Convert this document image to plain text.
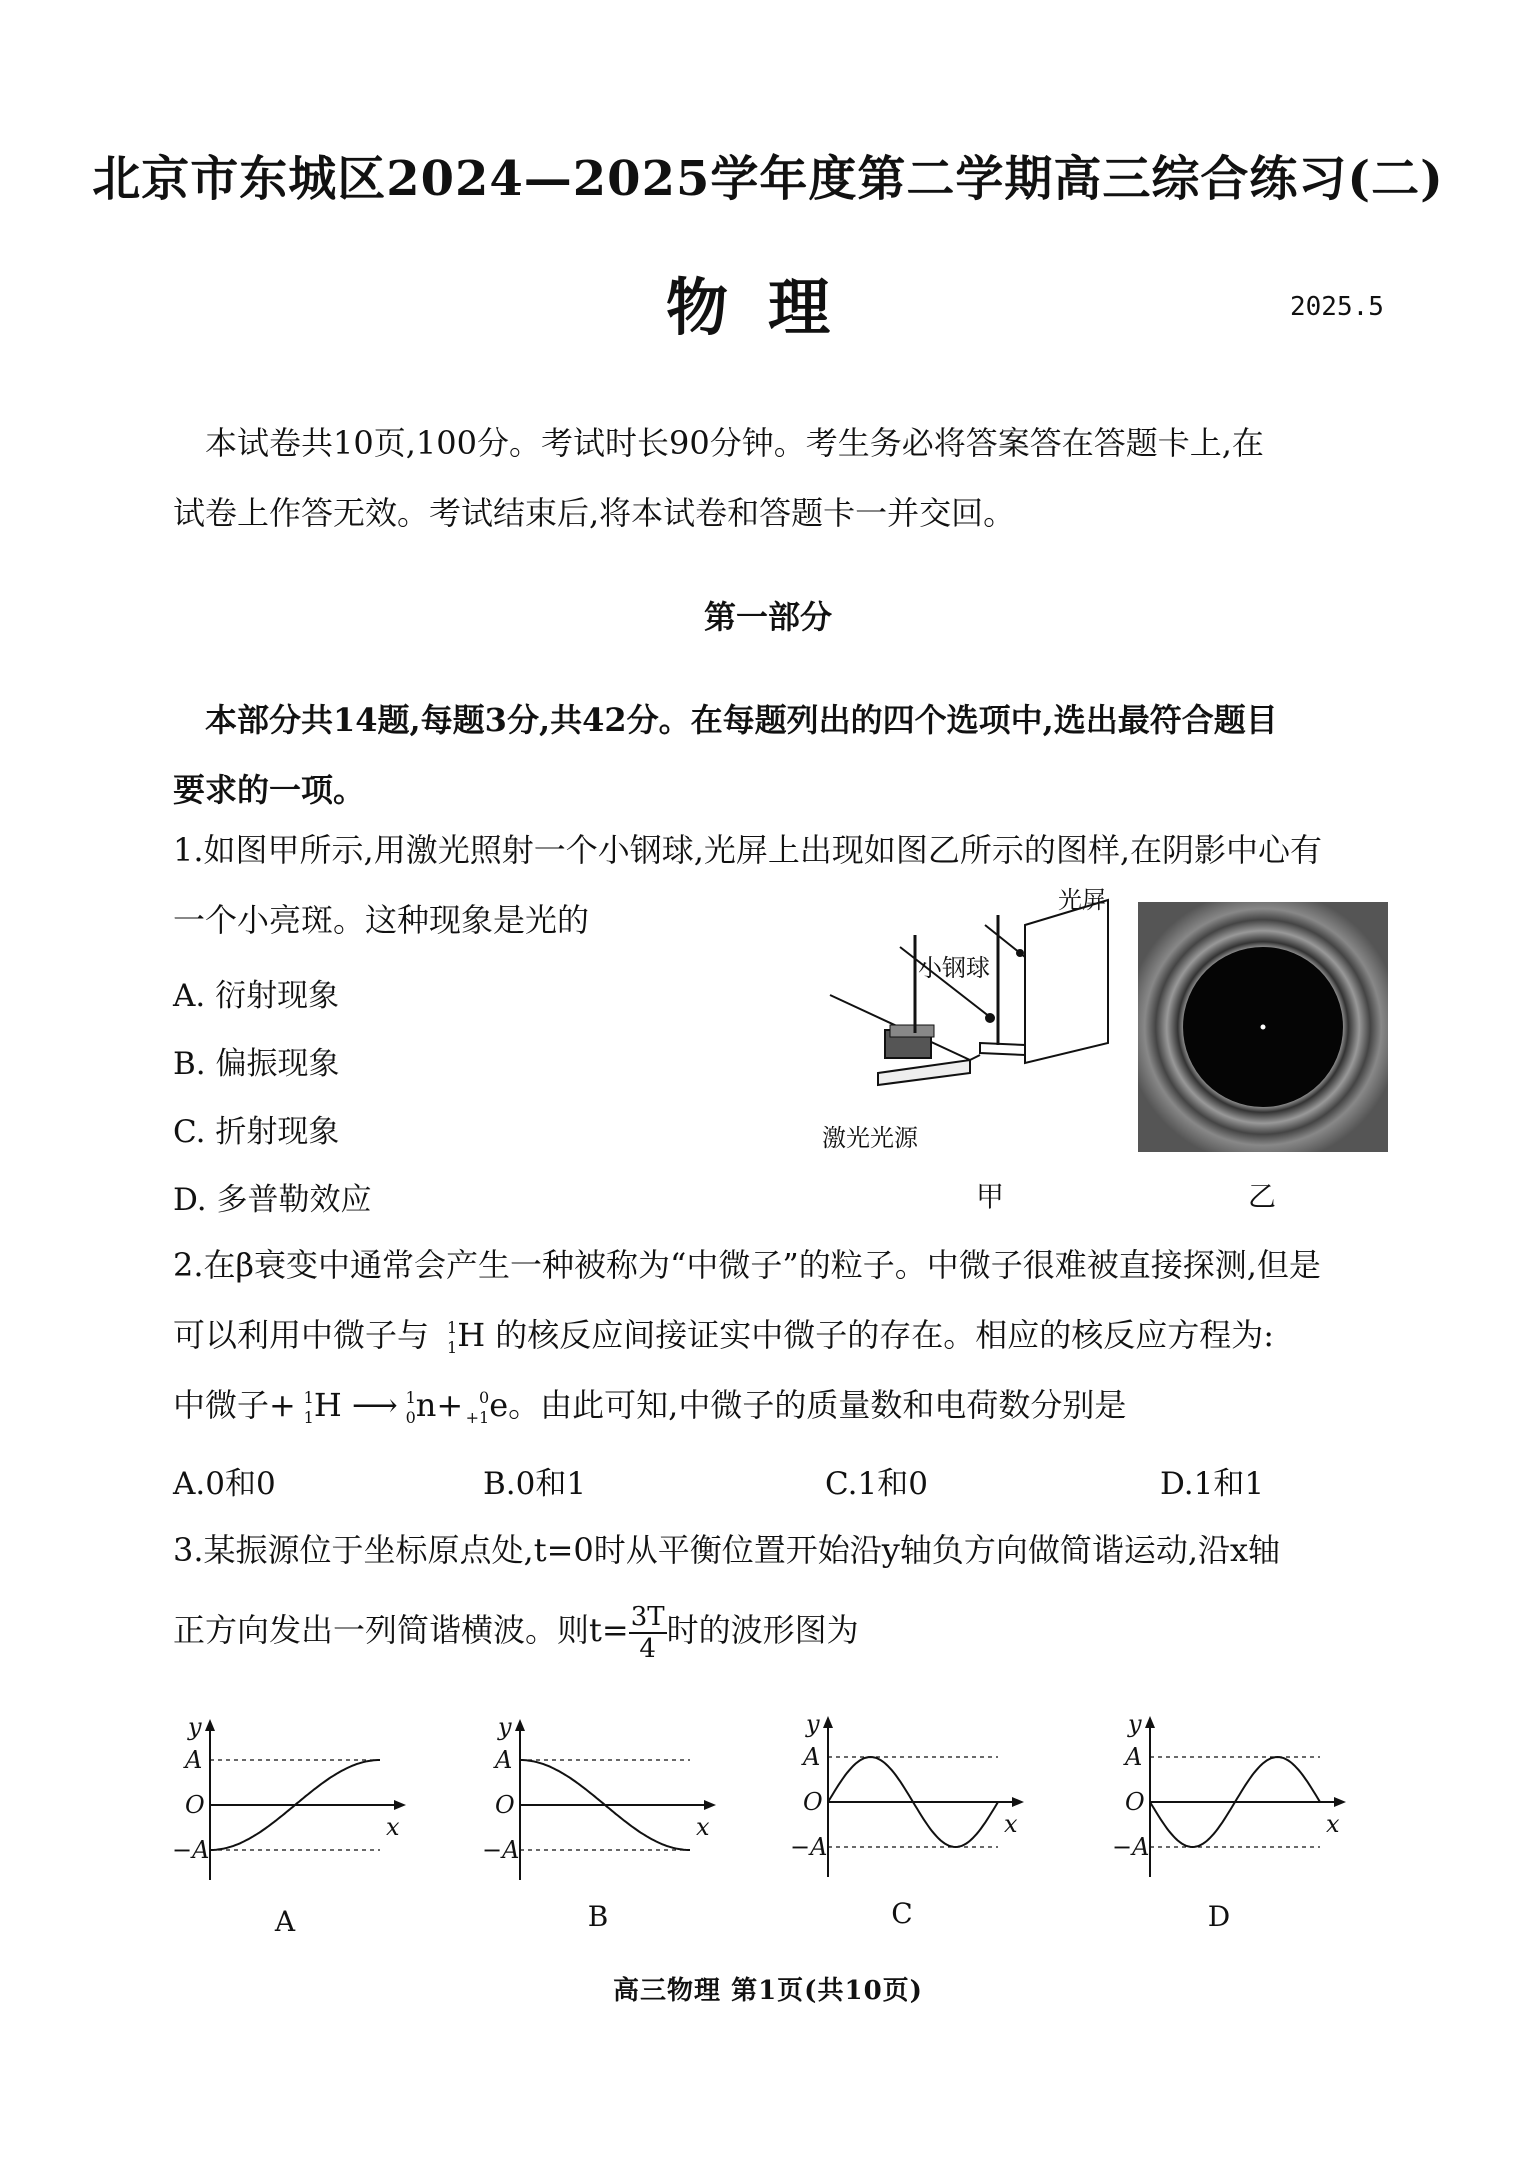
北京市东城区2024—2025学年度第二学期高三综合练习(二)
物理	2025.5
本试卷共10页,100分。考试时长90分钟。考生务必将答案答在答题卡上,在
试卷上作答无效。考试结束后,将本试卷和答题卡一并交回。
第一部分
本部分共14题,每题3分,共42分。在每题列出的四个选项中,选出最符合题目
要求的一项。
1.如图甲所示,用激光照射一个小钢球,光屏上出现如图乙所示的图样,在阴影中心有
一个小亮斑。这种现象是光的
A. 衍射现象
B. 偏振现象
C. 折射现象
D. 多普勒效应
光屏
小钢球
激光光源
甲	乙
2.在β衰变中通常会产生一种被称为“中微子”的粒子。中微子很难被直接探测,但是
可以利用中微子与 1
1 H 的核反应间接证实中微子的存在。相应的核反应方程为:
中微子+ 1
1 H ⟶ 1
0 n+ 0
+1 e。由此可知,中微子的质量数和电荷数分别是
A.0和0	B.0和1	C.1和0	D.1和1
3.某振源位于坐标原点处,t=0时从平衡位置开始沿y轴负方向做简谐运动,沿x轴
正方向发出一列简谐横波。则$t= \frac{3T}{4}$ 时的波形图为
y
x
A
O
−A
y
x
A
O
−A
y
x
A
O
−A
y
x
A
O
−A
A	B	C	D
高三物理 第1页(共10页)
